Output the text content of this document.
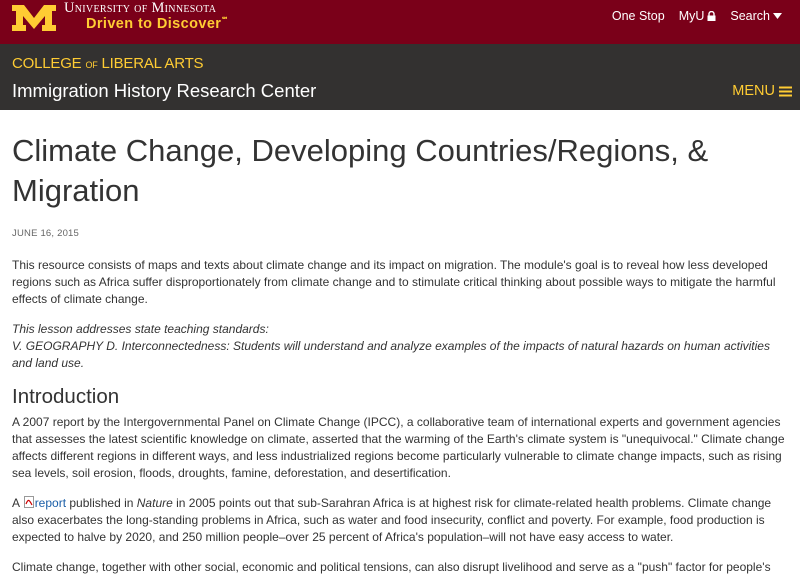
University of Minnesota
Driven to Discover℠	One Stop MyU Search
COLLEGE OF LIBERAL ARTS
Immigration History Research Center	MENU
Climate Change, Developing Countries/Regions, & Migration
JUNE 16, 2015

This resource consists of maps and texts about climate change and its impact on migration. The module's goal is to reveal how less developed regions such as Africa suffer disproportionately from climate change and to stimulate critical thinking about possible ways to mitigate the harmful effects of climate change.

This lesson addresses state teaching standards:
V. GEOGRAPHY D. Interconnectedness: Students will understand and analyze examples of the impacts of natural hazards on human activities and land use.

Introduction

A 2007 report by the Intergovernmental Panel on Climate Change (IPCC), a collaborative team of international experts and government agencies that assesses the latest scientific knowledge on climate, asserted that the warming of the Earth's climate system is "unequivocal." Climate change affects different regions in different ways, and less industrialized regions become particularly vulnerable to climate change impacts, such as rising sea levels, soil erosion, floods, droughts, famine, deforestation, and desertification.

A report published in Nature in 2005 points out that sub-Sarahran Africa is at highest risk for climate-related health problems. Climate change also exacerbates the long-standing problems in Africa, such as water and food insecurity, conflict and poverty. For example, food production is expected to halve by 2020, and 250 million people–over 25 percent of Africa's population–will not have easy access to water.

Climate change, together with other social, economic and political tensions, can also disrupt livelihood and serve as a "push" factor for people's
